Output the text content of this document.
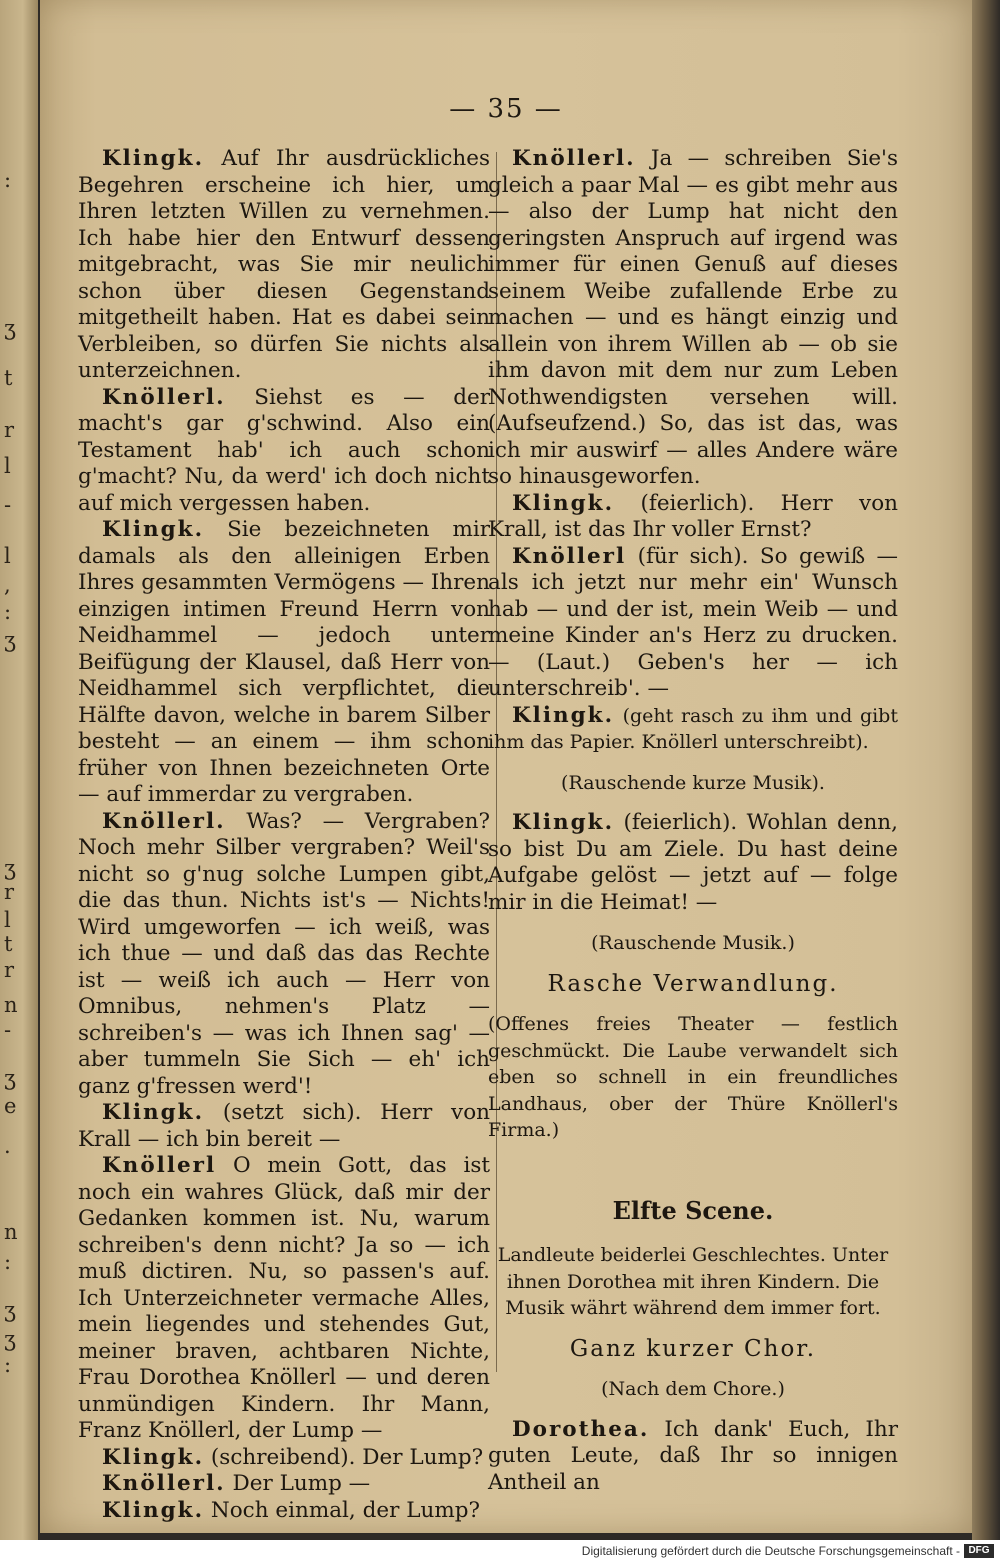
:
ʒ
t
r
l
-
l
,
:
ʒ
ʒ
r
l
t
r
n
-
ʒ
e
.
n
:
ʒ
ʒ
:
— 35 —

Klingk. Auf Ihr ausdrückliches Begehren erscheine ich hier, um Ihren letzten Willen zu vernehmen. Ich habe hier den Entwurf dessen mitgebracht, was Sie mir neulich schon über diesen Gegenstand mitgetheilt haben. Hat es dabei sein Verbleiben, so dürfen Sie nichts als unterzeichnen.

Knöllerl. Siehst es — der macht's gar g'schwind. Also ein Testament hab' ich auch schon g'macht? Nu, da werd' ich doch nicht auf mich vergessen haben.

Klingk. Sie bezeichneten mir damals als den alleinigen Erben Ihres gesammten Vermögens — Ihren einzigen intimen Freund Herrn von Neidhammel — jedoch unter Beifügung der Klausel, daß Herr von Neidhammel sich verpflichtet, die Hälfte davon, welche in barem Silber besteht — an einem — ihm schon früher von Ihnen bezeichneten Orte — auf immerdar zu vergraben.

Knöllerl. Was? — Vergraben? Noch mehr Silber vergraben? Weil's nicht so g'nug solche Lumpen gibt, die das thun. Nichts ist's — Nichts! Wird umgeworfen — ich weiß, was ich thue — und daß das das Rechte ist — weiß ich auch — Herr von Omnibus, nehmen's Platz — schreiben's — was ich Ihnen sag' — aber tummeln Sie Sich — eh' ich ganz g'fressen werd'!

Klingk. (setzt sich). Herr von Krall — ich bin bereit —

Knöllerl O mein Gott, das ist noch ein wahres Glück, daß mir der Gedanken kommen ist. Nu, warum schreiben's denn nicht? Ja so — ich muß dictiren. Nu, so passen's auf. Ich Unterzeichneter vermache Alles, mein liegendes und stehendes Gut, meiner braven, achtbaren Nichte, Frau Dorothea Knöllerl — und deren unmündigen Kindern. Ihr Mann, Franz Knöllerl, der Lump —

Klingk. (schreibend). Der Lump?

Knöllerl. Der Lump —

Klingk. Noch einmal, der Lump?

Knöllerl. Ja — schreiben Sie's gleich a paar Mal — es gibt mehr aus — also der Lump hat nicht den geringsten Anspruch auf irgend was immer für einen Genuß auf dieses seinem Weibe zufallende Erbe zu machen — und es hängt einzig und allein von ihrem Willen ab — ob sie ihm davon mit dem nur zum Leben Nothwendigsten versehen will. (Aufseufzend.) So, das ist das, was ich mir auswirf — alles Andere wäre so hinausgeworfen.

Klingk. (feierlich). Herr von Krall, ist das Ihr voller Ernst?

Knöllerl (für sich). So gewiß — als ich jetzt nur mehr ein' Wunsch hab — und der ist, mein Weib — und meine Kinder an's Herz zu drucken. — (Laut.) Geben's her — ich unterschreib'. —

Klingk. (geht rasch zu ihm und gibt ihm das Papier. Knöllerl unterschreibt).

(Rauschende kurze Musik).

Klingk. (feierlich). Wohlan denn, so bist Du am Ziele. Du hast deine Aufgabe gelöst — jetzt auf — folge mir in die Heimat! —

(Rauschende Musik.)

Rasche Verwandlung.

(Offenes freies Theater — festlich geschmückt. Die Laube verwandelt sich eben so schnell in ein freundliches Landhaus, ober der Thüre Knöllerl's Firma.)

Elfte Scene.

Landleute beiderlei Geschlechtes. Unter ihnen Dorothea mit ihren Kindern. Die Musik währt während dem immer fort.

Ganz kurzer Chor.

(Nach dem Chore.)

Dorothea. Ich dank' Euch, Ihr guten Leute, daß Ihr so innigen Antheil an

Digitalisierung gefördert durch die Deutsche Forschungsgemeinschaft - DFG
